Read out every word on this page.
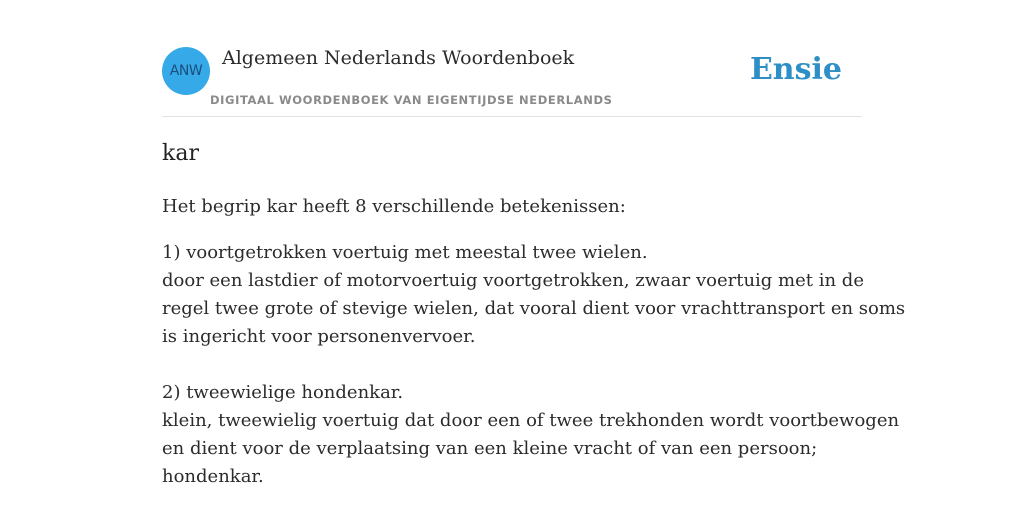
ANW
Algemeen Nederlands Woordenboek
DIGITAAL WOORDENBOEK VAN EIGENTIJDSE NEDERLANDS
Ensie
kar
Het begrip kar heeft 8 verschillende betekenissen:
1) voortgetrokken voertuig met meestal twee wielen.
door een lastdier of motorvoertuig voortgetrokken, zwaar voertuig met in de
regel twee grote of stevige wielen, dat vooral dient voor vrachttransport en soms
is ingericht voor personenvervoer.
2) tweewielige hondenkar.
klein, tweewielig voertuig dat door een of twee trekhonden wordt voortbewogen
en dient voor de verplaatsing van een kleine vracht of van een persoon;
hondenkar.
